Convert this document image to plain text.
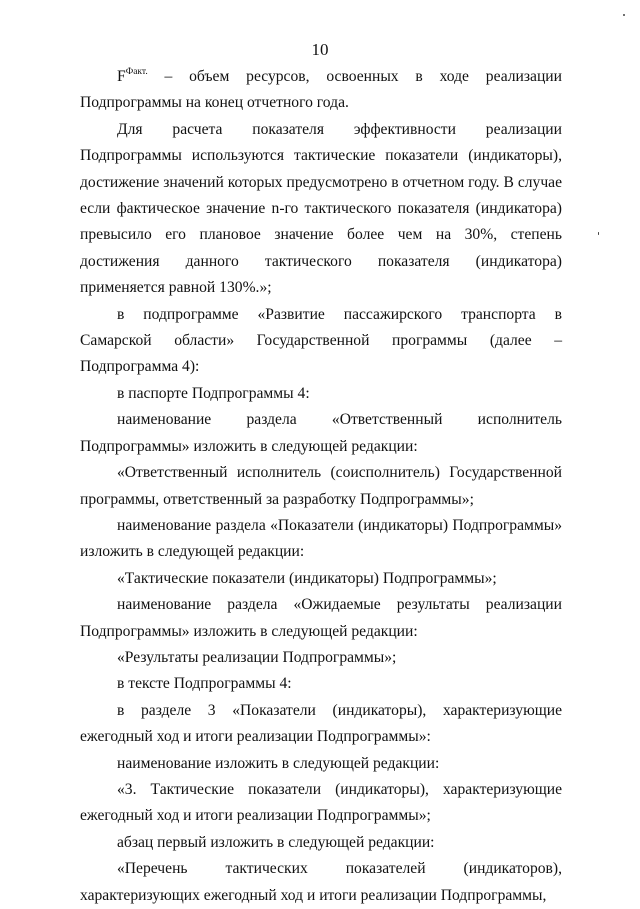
10

$F^{Факт.}$ – объем ресурсов, освоенных в ходе реализации Подпрограммы на конец отчетного года.

Для расчета показателя эффективности реализации Подпрограммы используются тактические показатели (индикаторы), достижение значений которых предусмотрено в отчетном году. В случае если фактическое значение n-го тактического показателя (индикатора) превысило его плановое значение более чем на 30%, степень достижения данного тактического показателя (индикатора) применяется равной 130%.»;

в подпрограмме «Развитие пассажирского транспорта в Самарской области» Государственной программы (далее – Подпрограмма 4):

в паспорте Подпрограммы 4:

наименование раздела «Ответственный исполнитель Подпрограммы» изложить в следующей редакции:

«Ответственный исполнитель (соисполнитель) Государственной программы, ответственный за разработку Подпрограммы»;

наименование раздела «Показатели (индикаторы) Подпрограммы» изложить в следующей редакции:

«Тактические показатели (индикаторы) Подпрограммы»;

наименование раздела «Ожидаемые результаты реализации Подпрограммы» изложить в следующей редакции:

«Результаты реализации Подпрограммы»;

в тексте Подпрограммы 4:

в разделе 3 «Показатели (индикаторы), характеризующие ежегодный ход и итоги реализации Подпрограммы»:

наименование изложить в следующей редакции:

«3. Тактические показатели (индикаторы), характеризующие ежегодный ход и итоги реализации Подпрограммы»;

абзац первый изложить в следующей редакции:

«Перечень тактических показателей (индикаторов), характеризующих ежегодный ход и итоги реализации Подпрограммы,
